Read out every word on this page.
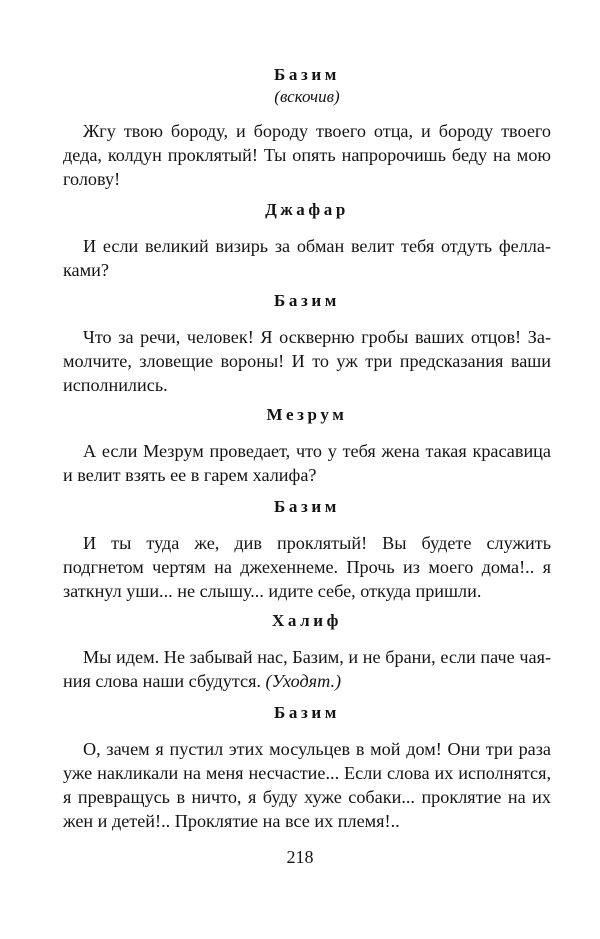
Базим

(вскочив)

Жгу твою бороду, и бороду твоего отца, и бороду твоего деда, колдун проклятый! Ты опять напророчишь беду на мою голову!

Джафар

И если великий визирь за обман велит тебя отдуть феллаками?

Базим

Что за речи, человек! Я оскверню гробы ваших отцов! Замолчите, зловещие вороны! И то уж три предсказания ваши исполнились.

Мезрум

А если Мезрум проведает, что у тебя жена такая красавица и велит взять ее в гарем халифа?

Базим

И ты туда же, див проклятый! Вы будете служить подгнетом чертям на джехеннеме. Прочь из моего дома!.. я заткнул уши... не слышу... идите себе, откуда пришли.

Халиф

Мы идем. Не забывай нас, Базим, и не брани, если паче чаяния слова наши сбудутся. (Уходят.)

Базим

О, зачем я пустил этих мосульцев в мой дом! Они три раза уже накликали на меня несчастие... Если слова их исполнятся, я превращусь в ничто, я буду хуже собаки... проклятие на их жен и детей!.. Проклятие на все их племя!..

218
